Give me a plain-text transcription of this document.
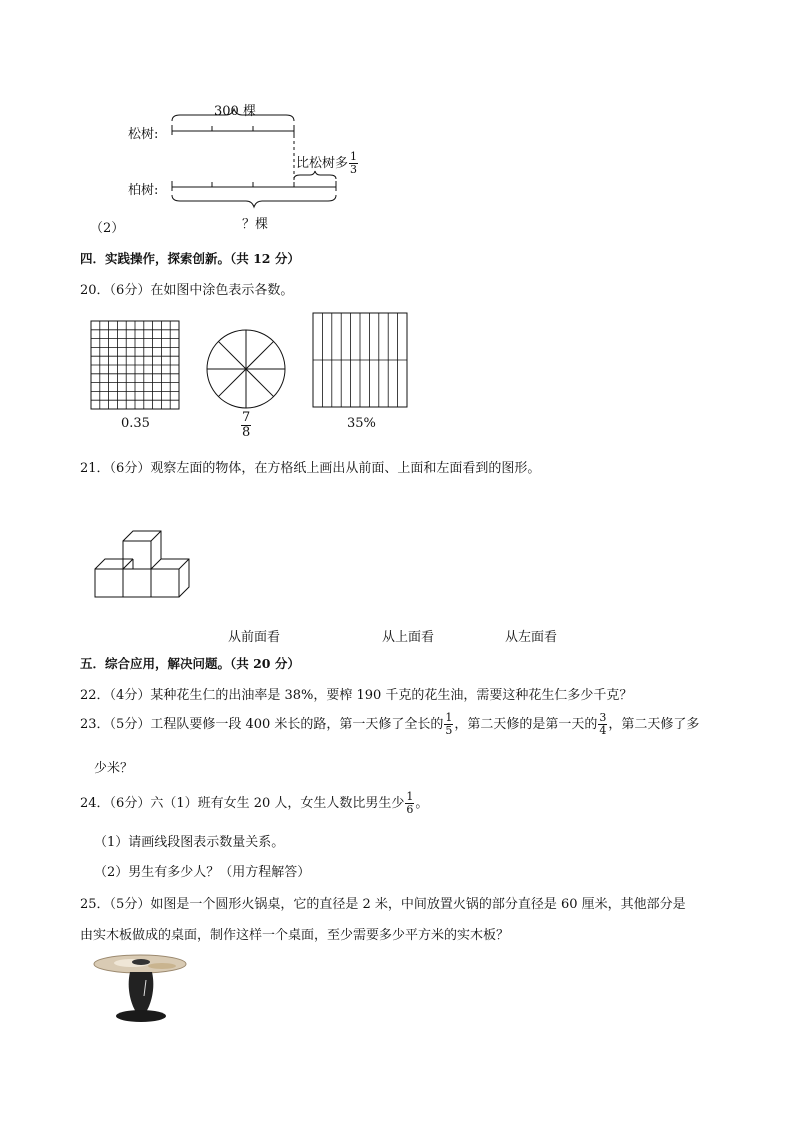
300 棵
松树:
柏树:
比松树多 $\frac{1}{3}$
？棵
（2）
四．实践操作，探索创新。（共 12 分）
20．（6分）在如图中涂色表示各数。
0.35	$\frac{7}{8}$	35%
21．（6分）观察左面的物体，在方格纸上画出从前面、上面和左面看到的图形。
从前面看	从上面看	从左面看
五．综合应用，解决问题。（共 20 分）
22．（4分）某种花生仁的出油率是 38%，要榨 190 千克的花生油，需要这种花生仁多少千克？
23．（5分）工程队要修一段 400 米长的路，第一天修了全长的 $\frac{1}{5}$ ，第二天修的是第一天的 $\frac{3}{4}$ ，第二天修了多
少米？
24．（6分）六（1）班有女生 20 人，女生人数比男生少 $\frac{1}{6}$ 。
（1）请画线段图表示数量关系。
（2）男生有多少人？（用方程解答）
25．（5分）如图是一个圆形火锅桌，它的直径是 2 米，中间放置火锅的部分直径是 60 厘米，其他部分是
由实木板做成的桌面，制作这样一个桌面，至少需要多少平方米的实木板？
